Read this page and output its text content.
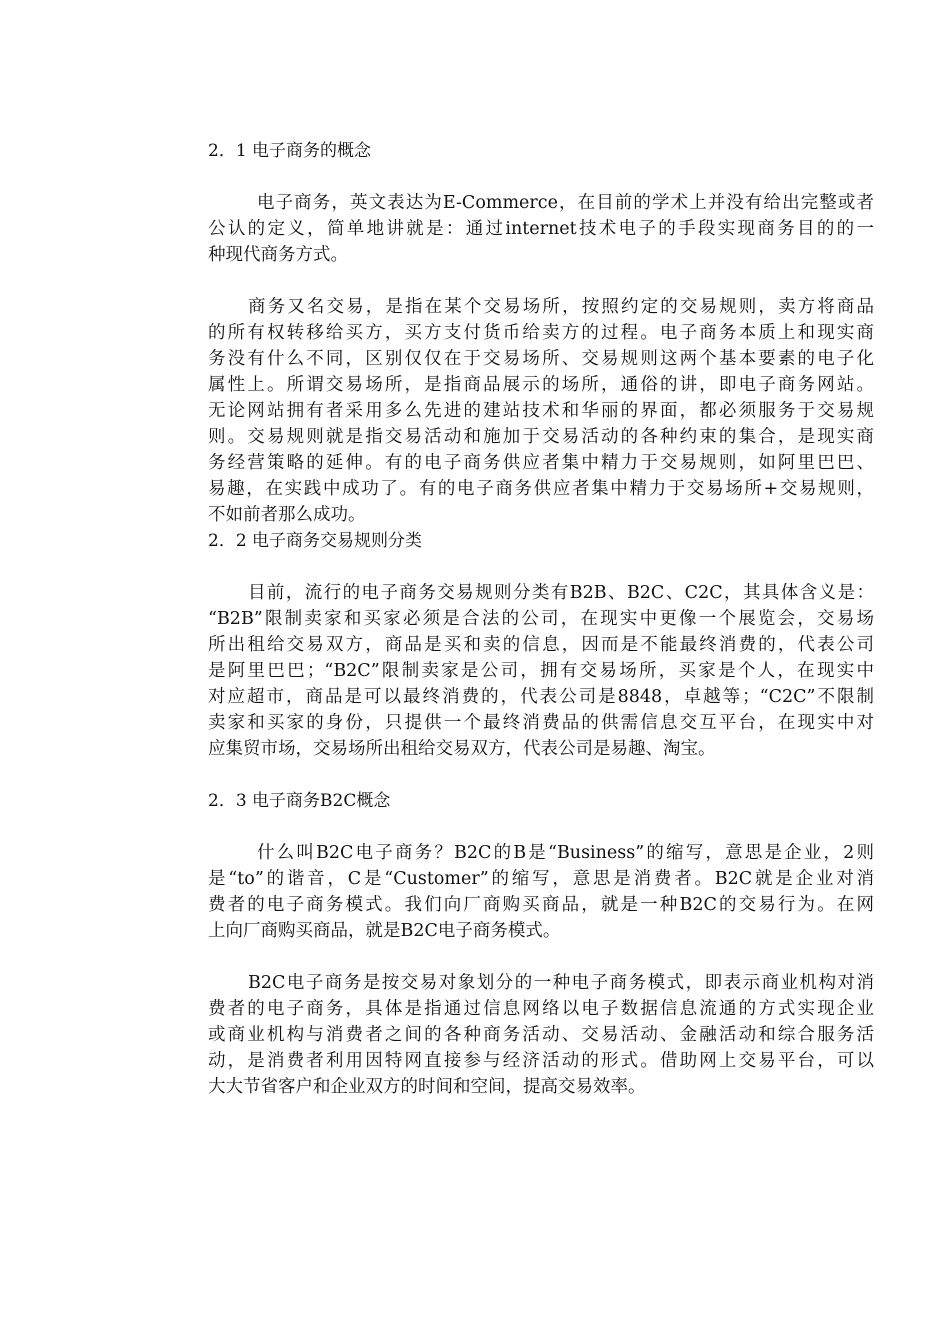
2．1 电子商务的概念
电子商务，英文表达为E-Commerce，在目前的学术上并没有给出完整或者
公认的定义，简单地讲就是：通过internet技术电子的手段实现商务目的的一
种现代商务方式。
商务又名交易，是指在某个交易场所，按照约定的交易规则，卖方将商品
的所有权转移给买方，买方支付货币给卖方的过程。电子商务本质上和现实商
务没有什么不同，区别仅仅在于交易场所、交易规则这两个基本要素的电子化
属性上。所谓交易场所，是指商品展示的场所，通俗的讲，即电子商务网站。
无论网站拥有者采用多么先进的建站技术和华丽的界面，都必须服务于交易规
则。交易规则就是指交易活动和施加于交易活动的各种约束的集合，是现实商
务经营策略的延伸。有的电子商务供应者集中精力于交易规则，如阿里巴巴、
易趣，在实践中成功了。有的电子商务供应者集中精力于交易场所+交易规则，
不如前者那么成功。
2．2 电子商务交易规则分类
目前，流行的电子商务交易规则分类有B2B、B2C、C2C，其具体含义是：
“B2B”限制卖家和买家必须是合法的公司，在现实中更像一个展览会，交易场
所出租给交易双方，商品是买和卖的信息，因而是不能最终消费的，代表公司
是阿里巴巴；“B2C”限制卖家是公司，拥有交易场所，买家是个人，在现实中
对应超市，商品是可以最终消费的，代表公司是8848，卓越等；“C2C”不限制
卖家和买家的身份，只提供一个最终消费品的供需信息交互平台，在现实中对
应集贸市场，交易场所出租给交易双方，代表公司是易趣、淘宝。
2．3 电子商务B2C概念
什么叫B2C电子商务？B2C的B是“Business”的缩写，意思是企业，2则
是“to”的谐音，C是“Customer”的缩写，意思是消费者。B2C就是企业对消
费者的电子商务模式。我们向厂商购买商品，就是一种B2C的交易行为。在网
上向厂商购买商品，就是B2C电子商务模式。
B2C电子商务是按交易对象划分的一种电子商务模式，即表示商业机构对消
费者的电子商务，具体是指通过信息网络以电子数据信息流通的方式实现企业
或商业机构与消费者之间的各种商务活动、交易活动、金融活动和综合服务活
动，是消费者利用因特网直接参与经济活动的形式。借助网上交易平台，可以
大大节省客户和企业双方的时间和空间，提高交易效率。
